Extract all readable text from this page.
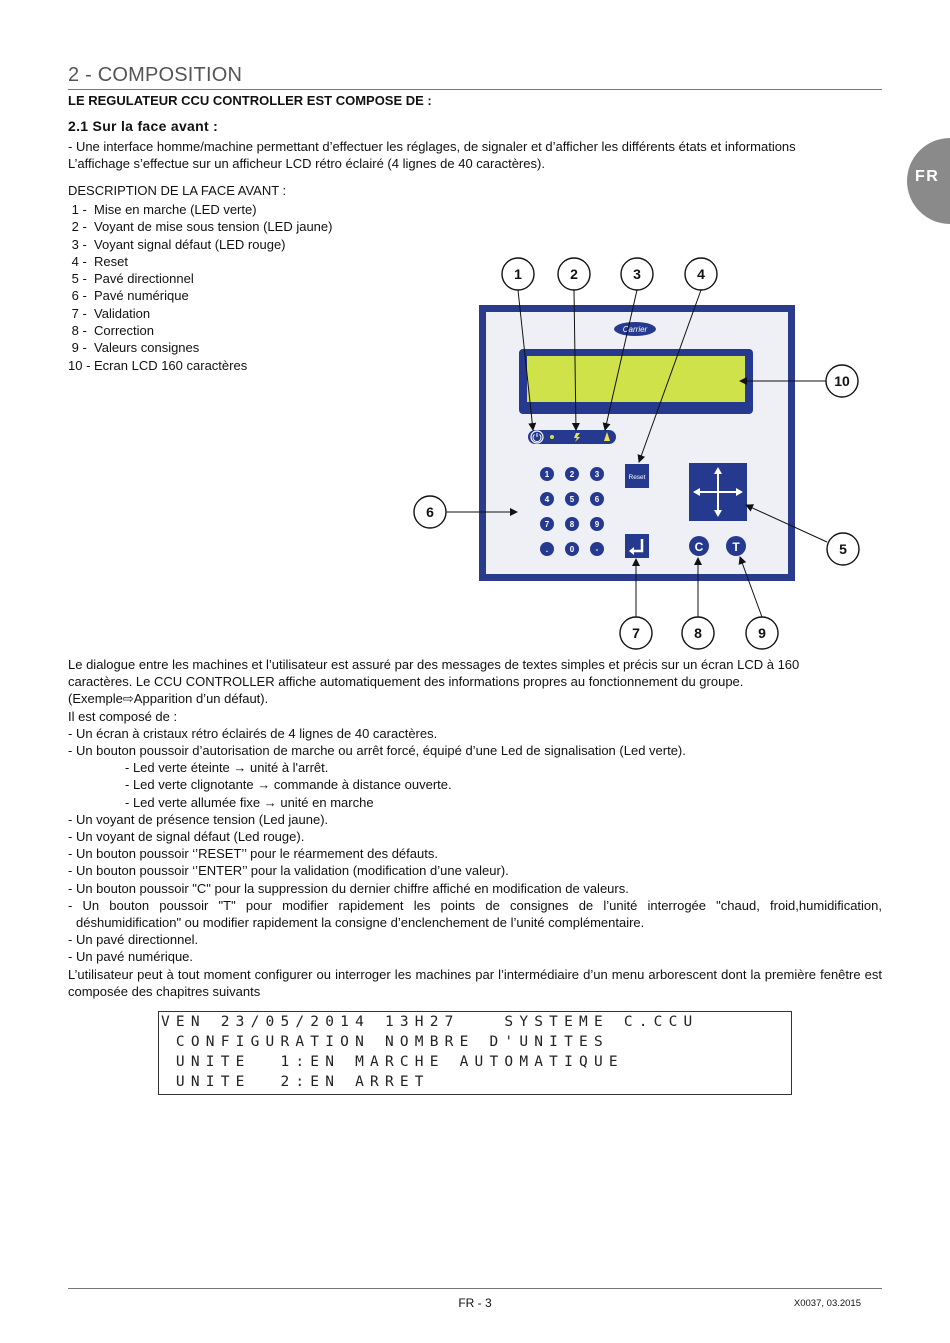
2 - COMPOSITION
LE REGULATEUR CCU CONTROLLER EST COMPOSE DE :
2.1 Sur la face avant :
- Une interface homme/machine permettant d’effectuer les réglages, de signaler et d’afficher les différents états et informations
L’affichage s’effectue sur un afficheur LCD rétro éclairé (4 lignes de 40 caractères).
FR
DESCRIPTION DE LA FACE AVANT :
1 -  Mise en marche (LED verte)
2 -  Voyant de mise sous tension (LED jaune)
3 -  Voyant signal défaut (LED rouge)
4 -  Reset
5 -  Pavé directionnel
6 -  Pavé numérique
7 -  Validation
8 -  Correction
9 -  Valeurs consignes
10 - Ecran LCD 160 caractères
Carrier
1	2	3
4	5	6
7	8	9
.	0	-
Reset
C T
1	2	3	4
5
6
7	8	9
10
Le dialogue entre les machines et l’utilisateur est assuré par des messages de textes simples et précis sur un écran LCD à 160
caractères. Le CCU CONTROLLER affiche automatiquement des informations propres au fonctionnement du groupe.
(Exemple⇨Apparition d’un défaut).
Il est composé de :
- Un écran à cristaux rétro éclairés de 4 lignes de 40 caractères.
- Un bouton poussoir d’autorisation de marche ou arrêt forcé, équipé d’une Led de signalisation (Led verte).
- Led verte éteinte → unité à l'arrêt.
- Led verte clignotante → commande à distance ouverte.
- Led verte allumée fixe → unité en marche
- Un voyant de présence tension (Led jaune).
- Un voyant de signal défaut (Led rouge).
- Un bouton poussoir ‘’RESET’’ pour le réarmement des défauts.
- Un bouton poussoir ‘’ENTER’’ pour la validation (modification d’une valeur).
- Un bouton poussoir "C" pour la suppression du dernier chiffre affiché en modification de valeurs.
- Un bouton poussoir "T" pour modifier rapidement les points de consignes de l’unité interrogée "chaud, froid,humidification,
déshumidification" ou modifier rapidement la consigne d’enclenchement de l’unité complémentaire.
- Un pavé directionnel.
- Un pavé numérique.
L’utilisateur peut à tout moment configurer ou interroger les machines par l’intermédiaire d’un menu arborescent dont la première fenêtre est composée des chapitres suivants
VEN 23/05/2014 13H27   SYSTEME C.CCU
CONFIGURATION NOMBRE D'UNITES
UNITE  1:EN MARCHE AUTOMATIQUE
UNITE  2:EN ARRET
FR - 3	X0037, 03.2015
